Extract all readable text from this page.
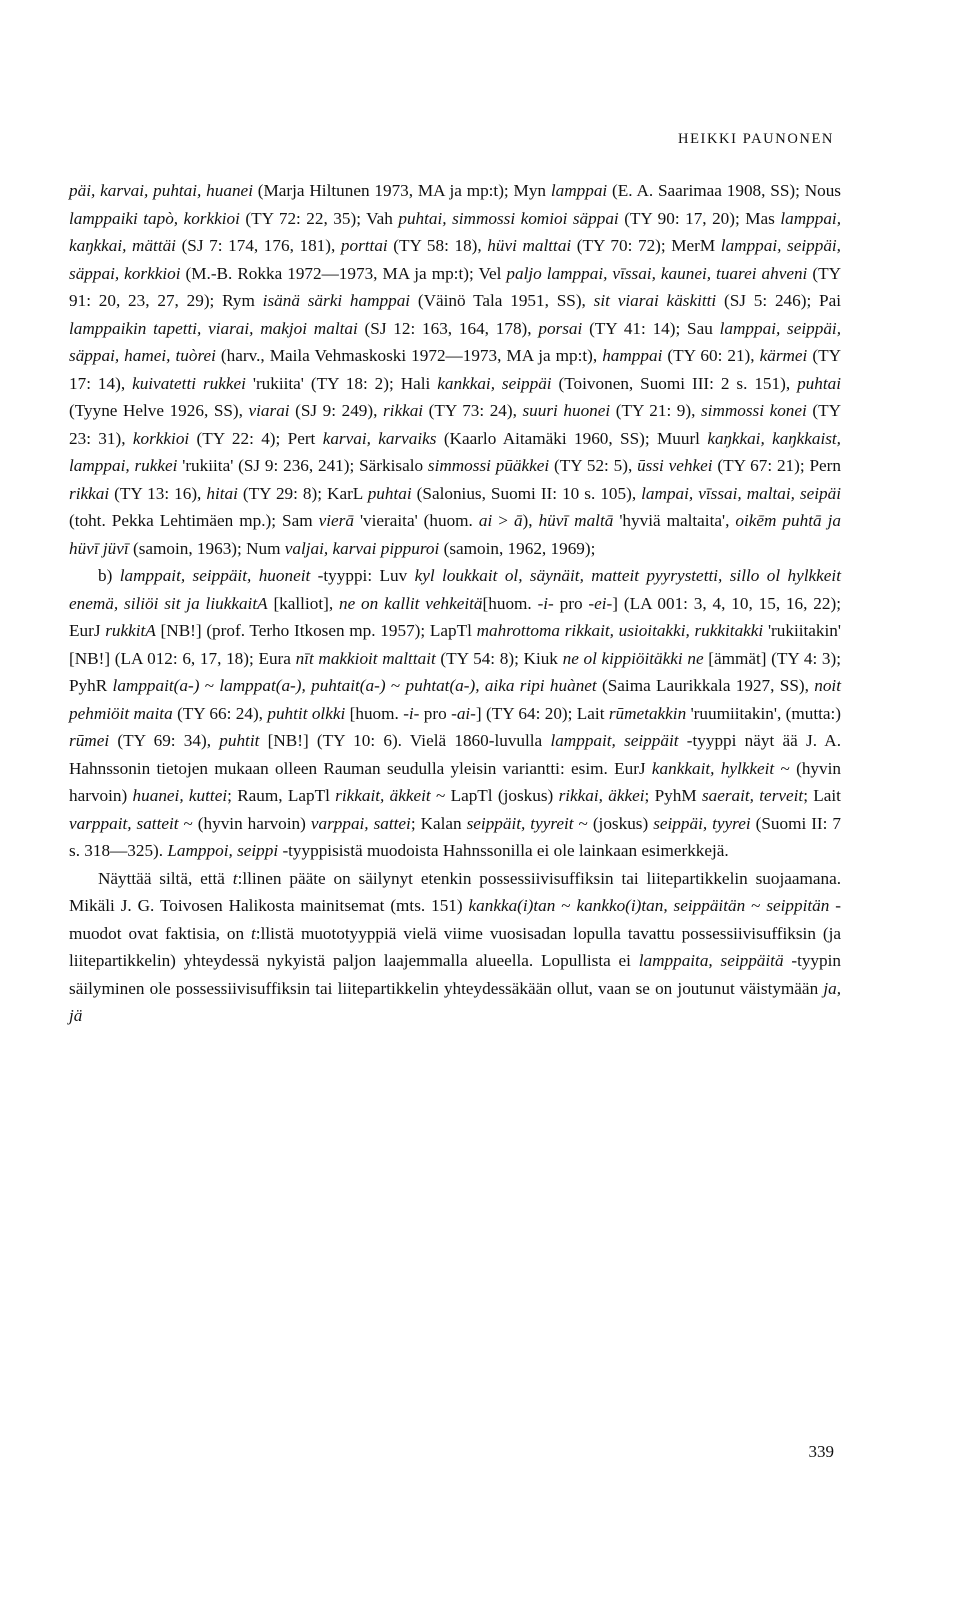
HEIKKI PAUNONEN

päi, karvai, puhtai, huanei (Marja Hiltunen 1973, MA ja mp:t); Myn lamppai (E. A. Saarimaa 1908, SS); Nous lamppaiki tapò, korkkioi (TY 72: 22, 35); Vah puhtai, simmossi komioi säppai (TY 90: 17, 20); Mas lamppai, kaŋkkai, mättäi (SJ 7: 174, 176, 181), porttai (TY 58: 18), hüvi malttai (TY 70: 72); MerM lamppai, seippäi, säppai, korkkioi (M.-B. Rokka 1972—1973, MA ja mp:t); Vel paljo lamppai, vīssai, kaunei, tuarei ahveni (TY 91: 20, 23, 27, 29); Rym isänä särki hamppai (Väinö Tala 1951, SS), sit viarai käskitti (SJ 5: 246); Pai lamppaikin tapetti, viarai, makjoi maltai (SJ 12: 163, 164, 178), porsai (TY 41: 14); Sau lamppai, seippäi, säppai, hamei, tuòrei (harv., Maila Vehmaskoski 1972—1973, MA ja mp:t), hamppai (TY 60: 21), kärmei (TY 17: 14), kuivatetti rukkei 'rukiita' (TY 18: 2); Hali kankkai, seippäi (Toivonen, Suomi III: 2 s. 151), puhtai (Tyyne Helve 1926, SS), viarai (SJ 9: 249), rikkai (TY 73: 24), suuri huonei (TY 21: 9), simmossi konei (TY 23: 31), korkkioi (TY 22: 4); Pert karvai, karvaiks (Kaarlo Aitamäki 1960, SS); Muurl kaŋkkai, kaŋkkaist, lamppai, rukkei 'rukiita' (SJ 9: 236, 241); Särkisalo simmossi pūäkkei (TY 52: 5), ūssi vehkei (TY 67: 21); Pern rikkai (TY 13: 16), hitai (TY 29: 8); KarL puhtai (Salonius, Suomi II: 10 s. 105), lampai, vīssai, maltai, seipäi (toht. Pekka Lehtimäen mp.); Sam vierā 'vieraita' (huom. ai > ā), hüvī maltā 'hyviä maltaita', oikēm puhtā ja hüvī jüvī (samoin, 1963); Num valjai, karvai pippuroi (samoin, 1962, 1969);

b) lamppait, seippäit, huoneit -tyyppi: Luv kyl loukkait ol, säynäit, matteit pyyrystetti, sillo ol hylkkeit enemä, siliöi sit ja liukkaitA [kalliot], ne on kallit vehkeitä[huom. -i- pro -ei-] (LA 001: 3, 4, 10, 15, 16, 22); EurJ rukkitA [NB!] (prof. Terho Itkosen mp. 1957); LapTl mahrottoma rikkait, usioitakki, rukkitakki 'rukiitakin' [NB!] (LA 012: 6, 17, 18); Eura nīt makkioit malttait (TY 54: 8); Kiuk ne ol kippiöitäkki ne [ämmät] (TY 4: 3); PyhR lamppait(a-) ~ lamppat(a-), puhtait(a-) ~ puhtat(a-), aika ripi huànet (Saima Laurikkala 1927, SS), noit pehmiöit maita (TY 66: 24), puhtit olkki [huom. -i- pro -ai-] (TY 64: 20); Lait rūmetakkin 'ruumiitakin', (mutta:) rūmei (TY 69: 34), puhtit [NB!] (TY 10: 6). Vielä 1860-luvulla lamppait, seippäit -tyyppi näyt ää J. A. Hahnssonin tietojen mukaan olleen Rauman seudulla yleisin variantti: esim. EurJ kankkait, hylkkeit ~ (hyvin harvoin) huanei, kuttei; Raum, LapTl rikkait, äkkeit ~ LapTl (joskus) rikkai, äkkei; PyhM saerait, terveit; Lait varppait, satteit ~ (hyvin harvoin) varppai, sattei; Kalan seippäit, tyyreit ~ (joskus) seippäi, tyyrei (Suomi II: 7 s. 318—325). Lamppoi, seippi -tyyppisistä muodoista Hahnssonilla ei ole lainkaan esimerkkejä.

Näyttää siltä, että t:llinen pääte on säilynyt etenkin possessiivisuffiksin tai liitepartikkelin suojaamana. Mikäli J. G. Toivosen Halikosta mainitsemat (mts. 151) kankka(i)tan ~ kankko(i)tan, seippäitän ~ seippitän -muodot ovat faktisia, on t:llistä muototyyppiä vielä viime vuosisadan lopulla tavattu possessiivisuffiksin (ja liitepartikkelin) yhteydessä nykyistä paljon laajemmalla alueella. Lopullista ei lamppaita, seippäitä -tyypin säilyminen ole possessiivisuffiksin tai liitepartikkelin yhteydessäkään ollut, vaan se on joutunut väistymään ja, jä

339
